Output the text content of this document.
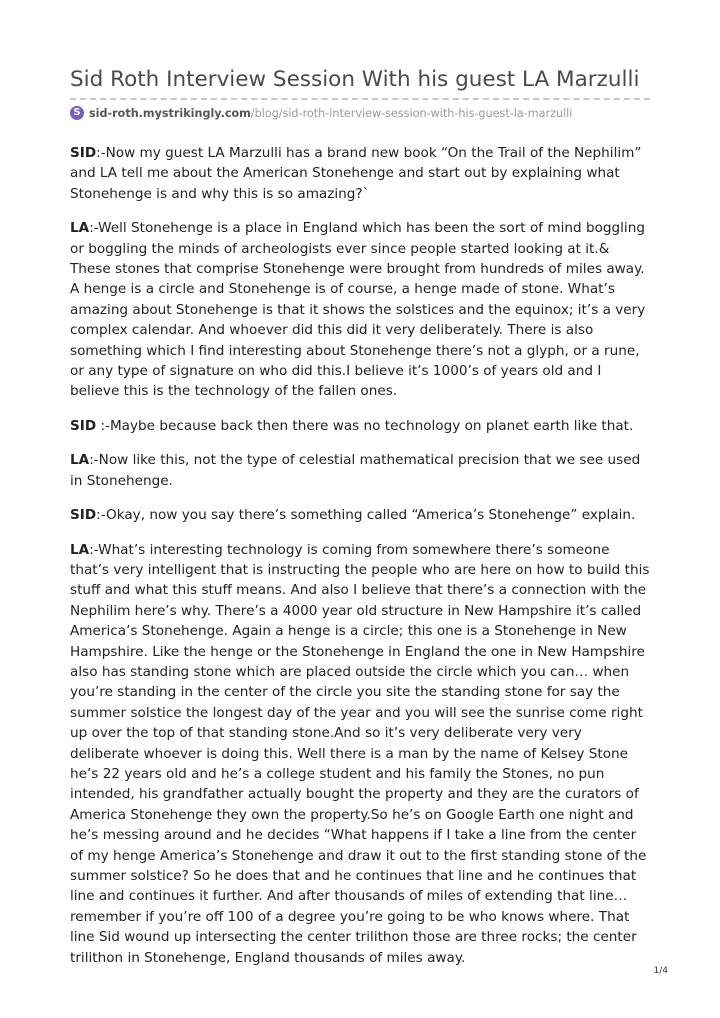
Sid Roth Interview Session With his guest LA Marzulli
S sid-roth.mystrikingly.com /blog/sid-roth-interview-session-with-his-guest-la-marzulli

SID:-Now my guest LA Marzulli has a brand new book “On the Trail of the Nephilim” and LA tell me about the American Stonehenge and start out by explaining what Stonehenge is and why this is so amazing?`

LA:-Well Stonehenge is a place in England which has been the sort of mind boggling or boggling the minds of archeologists ever since people started looking at it.& These stones that comprise Stonehenge were brought from hundreds of miles away. A henge is a circle and Stonehenge is of course, a henge made of stone. What’s amazing about Stonehenge is that it shows the solstices and the equinox; it’s a very complex calendar. And whoever did this did it very deliberately. There is also something which I find interesting about Stonehenge there’s not a glyph, or a rune, or any type of signature on who did this.I believe it’s 1000’s of years old and I believe this is the technology of the fallen ones.

SID :-Maybe because back then there was no technology on planet earth like that.

LA:-Now like this, not the type of celestial mathematical precision that we see used in Stonehenge.

SID:-Okay, now you say there’s something called “America’s Stonehenge” explain.

LA:-What’s interesting technology is coming from somewhere there’s someone that’s very intelligent that is instructing the people who are here on how to build this stuff and what this stuff means. And also I believe that there’s a connection with the Nephilim here’s why. There’s a 4000 year old structure in New Hampshire it’s called America’s Stonehenge. Again a henge is a circle; this one is a Stonehenge in New Hampshire. Like the henge or the Stonehenge in England the one in New Hampshire also has standing stone which are placed outside the circle which you can… when you’re standing in the center of the circle you site the standing stone for say the summer solstice the longest day of the year and you will see the sunrise come right up over the top of that standing stone.And so it’s very deliberate very very deliberate whoever is doing this. Well there is a man by the name of Kelsey Stone he’s 22 years old and he’s a college student and his family the Stones, no pun intended, his grandfather actually bought the property and they are the curators of America Stonehenge they own the property.So he’s on Google Earth one night and he’s messing around and he decides “What happens if I take a line from the center of my henge America’s Stonehenge and draw it out to the first standing stone of the summer solstice? So he does that and he continues that line and he continues that line and continues it further. And after thousands of miles of extending that line… remember if you’re off 100 of a degree you’re going to be who knows where. That line Sid wound up intersecting the center trilithon those are three rocks; the center trilithon in Stonehenge, England thousands of miles away.

1/4
